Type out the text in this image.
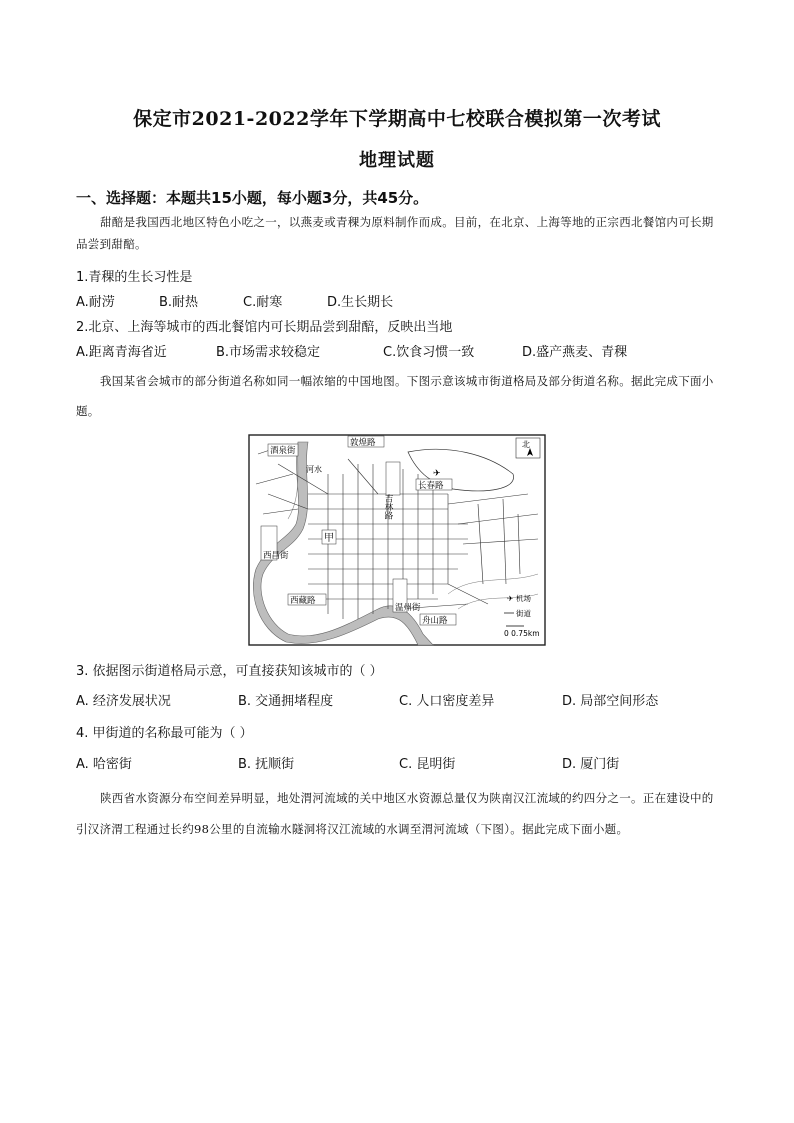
保定市2021-2022学年下学期高中七校联合模拟第一次考试
地理试题
一、选择题：本题共15小题，每小题3分，共45分。
甜醅是我国西北地区特色小吃之一，以燕麦或青稞为原料制作而成。目前，在北京、上海等地的正宗西北餐馆内可长期品尝到甜醅。
1.青稞的生长习性是
A.耐涝	B.耐热	C.耐寒	D.生长期长
2.北京、上海等城市的西北餐馆内可长期品尝到甜醅，反映出当地
A.距离青海省近	B.市场需求较稳定	C.饮食习惯一致	D.盛产燕麦、青稞
我国某省会城市的部分街道名称如同一幅浓缩的中国地图。下图示意该城市街道格局及部分街道名称。据此完成下面小题。
✈
酒泉街
敦煌路
吉林路
长春路
西昌街
甲
西藏路
温州街
舟山路
河水
北
✈ 机场
街道
0 0.75km
3. 依据图示街道格局示意，可直接获知该城市的（ ）
A. 经济发展状况	B. 交通拥堵程度	C. 人口密度差异	D. 局部空间形态
4. 甲街道的名称最可能为（ ）
A. 哈密街	B. 抚顺街	C. 昆明街	D. 厦门街
陕西省水资源分布空间差异明显，地处渭河流域的关中地区水资源总量仅为陕南汉江流域的约四分之一。正在建设中的引汉济渭工程通过长约98公里的自流输水隧洞将汉江流域的水调至渭河流域（下图）。据此完成下面小题。
